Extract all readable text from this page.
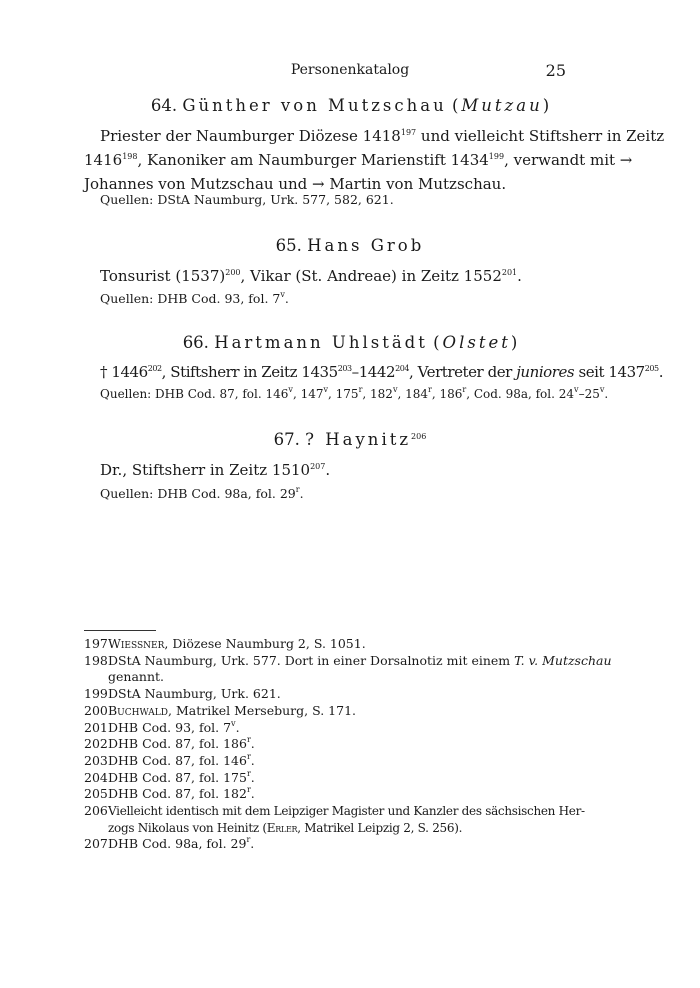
Personenkatalog	25
64. Günther von Mutzschau (Mutzau)
Priester der Naumburger Diözese 1418$^{197}$ und vielleicht Stiftsherr in Zeitz
1416$^{198}$, Kanoniker am Naumburger Marienstift 1434$^{199}$, verwandt mit →
Johannes von Mutzschau und → Martin von Mutzschau.
Quellen: DStA Naumburg, Urk. 577, 582, 621.
65. Hans Grob
Tonsurist $(1537)^{200}$, Vikar (St. Andreae) in Zeitz 1552$^{201}$.
Quellen: DHB Cod. 93, fol. 7$^v$.
66. Hartmann Uhlstädt (Olstet)
† 1446$^{202}$, Stiftsherr in Zeitz 1435$^{203}$–1442$^{204}$, Vertreter der juniores seit 1437$^{205}$.
Quellen: DHB Cod. 87, fol. 146$^v$, 147$^v$, 175$^r$, 182$^v$, 184$^r$, 186$^r$, Cod. 98a, fol. 24$^v$–25$^v$.
67. ? Haynitz$^{206}$
Dr., Stiftsherr in Zeitz 1510$^{207}$.
Quellen: DHB Cod. 98a, fol. 29$^r$.
197 Wießner, Diözese Naumburg 2, S. 1051.
198 DStA Naumburg, Urk. 577. Dort in einer Dorsalnotiz mit einem T. v. Mutzschau
genannt.
199 DStA Naumburg, Urk. 621.
200 Buchwald, Matrikel Merseburg, S. 171.
201 DHB Cod. 93, fol. 7$^v$.
202 DHB Cod. 87, fol. 186$^r$.
203 DHB Cod. 87, fol. 146$^r$.
204 DHB Cod. 87, fol. 175$^r$.
205 DHB Cod. 87, fol. 182$^r$.
206 Vielleicht identisch mit dem Leipziger Magister und Kanzler des sächsischen Her-
zogs Nikolaus von Heinitz (Erler, Matrikel Leipzig 2, S. 256).
207 DHB Cod. 98a, fol. 29$^r$.
